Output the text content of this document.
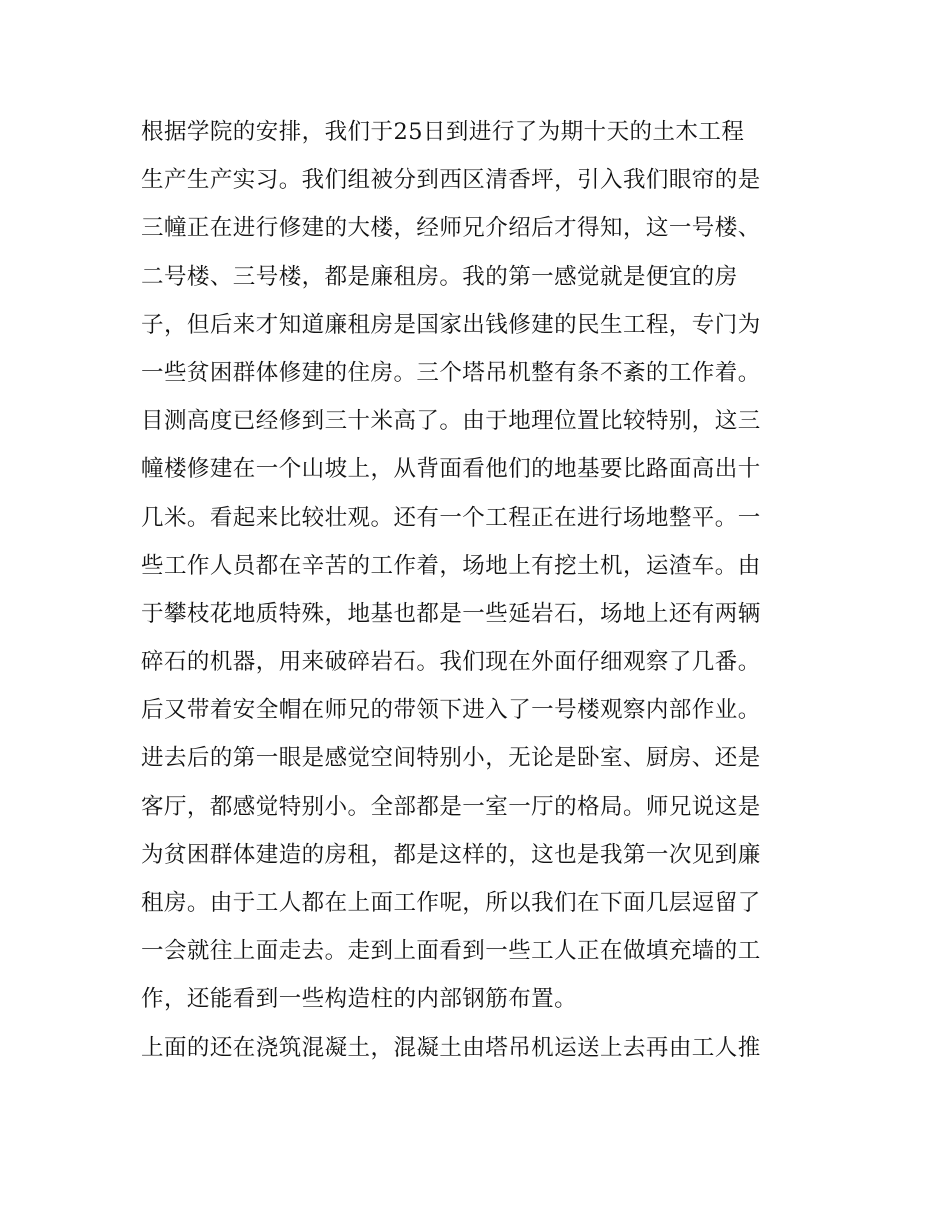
根据学院的安排，我们于25日到进行了为期十天的土木工程
生产生产实习。我们组被分到西区清香坪，引入我们眼帘的是
三幢正在进行修建的大楼，经师兄介绍后才得知，这一号楼、
二号楼、三号楼，都是廉租房。我的第一感觉就是便宜的房
子，但后来才知道廉租房是国家出钱修建的民生工程，专门为
一些贫困群体修建的住房。三个塔吊机整有条不紊的工作着。
目测高度已经修到三十米高了。由于地理位置比较特别，这三
幢楼修建在一个山坡上，从背面看他们的地基要比路面高出十
几米。看起来比较壮观。还有一个工程正在进行场地整平。一
些工作人员都在辛苦的工作着，场地上有挖土机，运渣车。由
于攀枝花地质特殊，地基也都是一些延岩石，场地上还有两辆
碎石的机器，用来破碎岩石。我们现在外面仔细观察了几番。
后又带着安全帽在师兄的带领下进入了一号楼观察内部作业。
进去后的第一眼是感觉空间特别小，无论是卧室、厨房、还是
客厅，都感觉特别小。全部都是一室一厅的格局。师兄说这是
为贫困群体建造的房租，都是这样的，这也是我第一次见到廉
租房。由于工人都在上面工作呢，所以我们在下面几层逗留了
一会就往上面走去。走到上面看到一些工人正在做填充墙的工
作，还能看到一些构造柱的内部钢筋布置。
上面的还在浇筑混凝土，混凝土由塔吊机运送上去再由工人推
